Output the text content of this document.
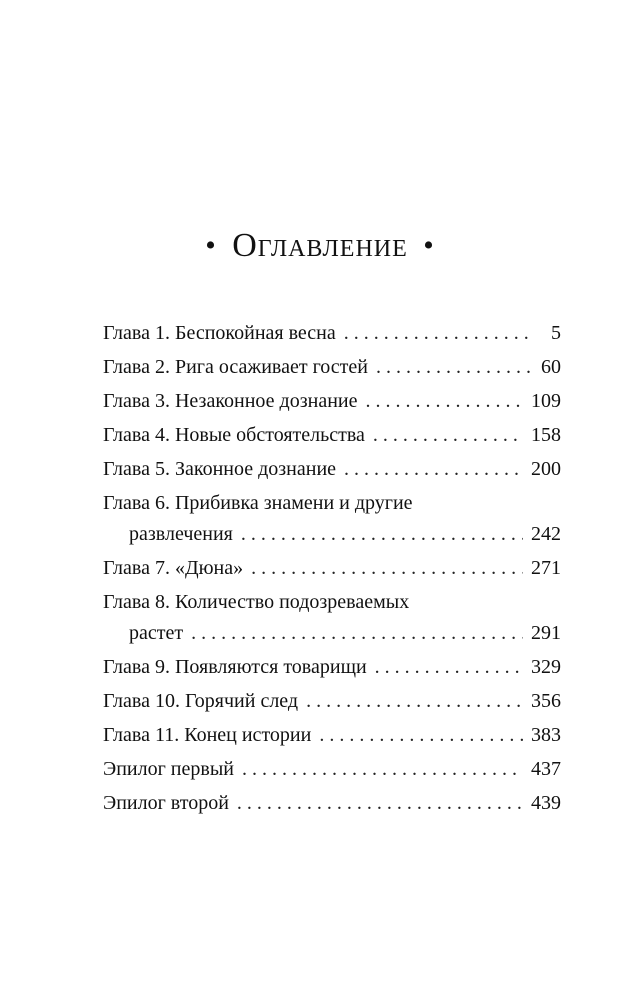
• Оглавление •
Глава 1. Беспокойная весна . . .	5
Глава 2. Рига осаживает гостей . . .	60
Глава 3. Незаконное дознание . . .	109
Глава 4. Новые обстоятельства . . .	158
Глава 5. Законное дознание . . .	200
Глава 6. Прибивка знамени и другие
развлечения . . .	242
Глава 7. «Дюна» . . .	271
Глава 8. Количество подозреваемых
растет . . .	291
Глава 9. Появляются товарищи . . .	329
Глава 10. Горячий след . . .	356
Глава 11. Конец истории . . .	383
Эпилог первый . . .	437
Эпилог второй . . .	439
